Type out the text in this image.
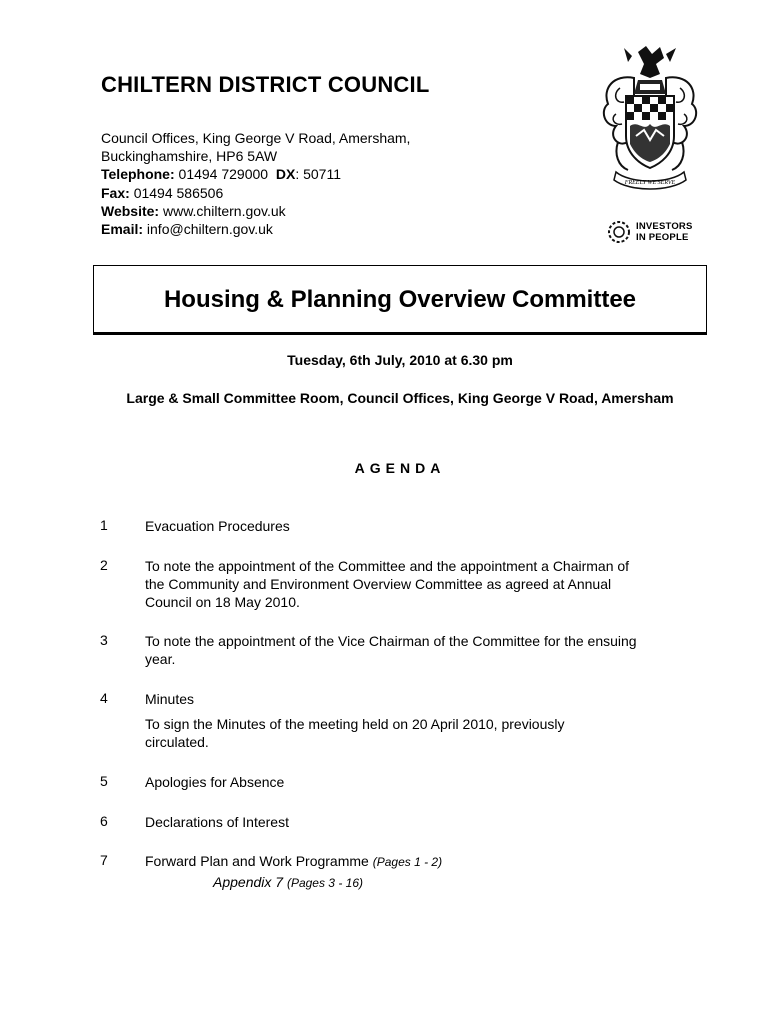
CHILTERN DISTRICT COUNCIL
Council Offices, King George V Road, Amersham,
Buckinghamshire, HP6 5AW
Telephone: 01494 729000 DX: 50711
Fax: 01494 586506
Website: www.chiltern.gov.uk
Email: info@chiltern.gov.uk
FREELY WE SERVE
INVESTORS
IN PEOPLE
Housing & Planning Overview Committee
Tuesday, 6th July, 2010 at 6.30 pm
Large & Small Committee Room, Council Offices, King George V Road, Amersham
AGENDA
1	Evacuation Procedures
2	To note the appointment of the Committee and the appointment a Chairman of the Community and Environment Overview Committee as agreed at Annual Council on 18 May 2010.
3	To note the appointment of the Vice Chairman of the Committee for the ensuing year.
4	Minutes
To sign the Minutes of the meeting held on 20 April 2010, previously circulated.
5	Apologies for Absence
6	Declarations of Interest
7	Forward Plan and Work Programme (Pages 1 - 2)
Appendix 7 (Pages 3 - 16)
